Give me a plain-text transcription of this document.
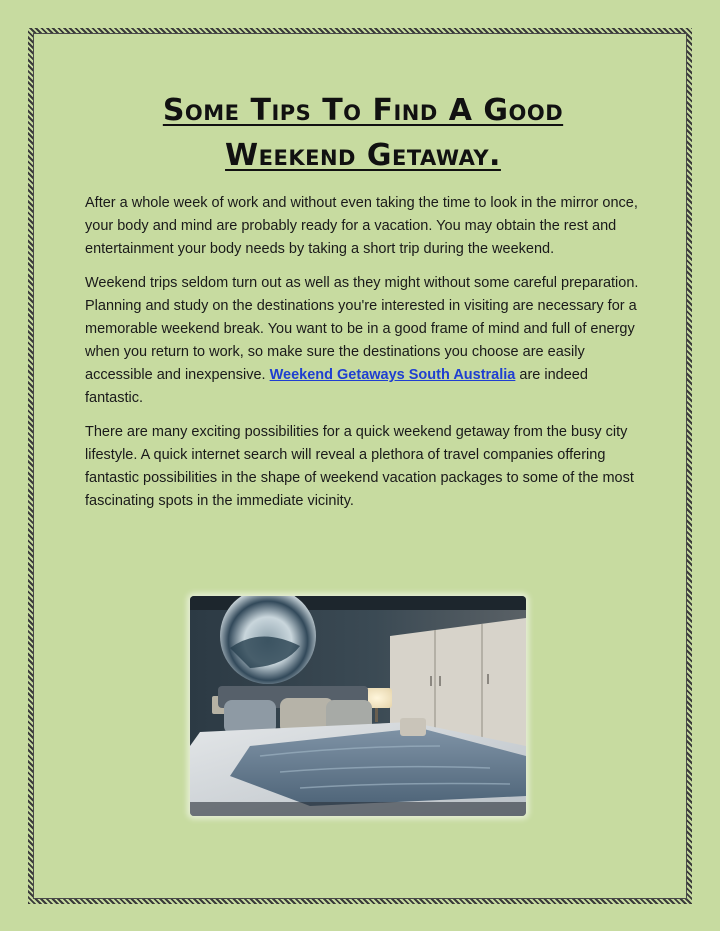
Some Tips To Find A Good
Weekend Getaway.

After a whole week of work and without even taking the time to look in the mirror once, your body and mind are probably ready for a vacation. You may obtain the rest and entertainment your body needs by taking a short trip during the weekend.

Weekend trips seldom turn out as well as they might without some careful preparation. Planning and study on the destinations you're interested in visiting are necessary for a memorable weekend break. You want to be in a good frame of mind and full of energy when you return to work, so make sure the destinations you choose are easily accessible and inexpensive. Weekend Getaways South Australia are indeed fantastic.

There are many exciting possibilities for a quick weekend getaway from the busy city lifestyle. A quick internet search will reveal a plethora of travel companies offering fantastic possibilities in the shape of weekend vacation packages to some of the most fascinating spots in the immediate vicinity.
